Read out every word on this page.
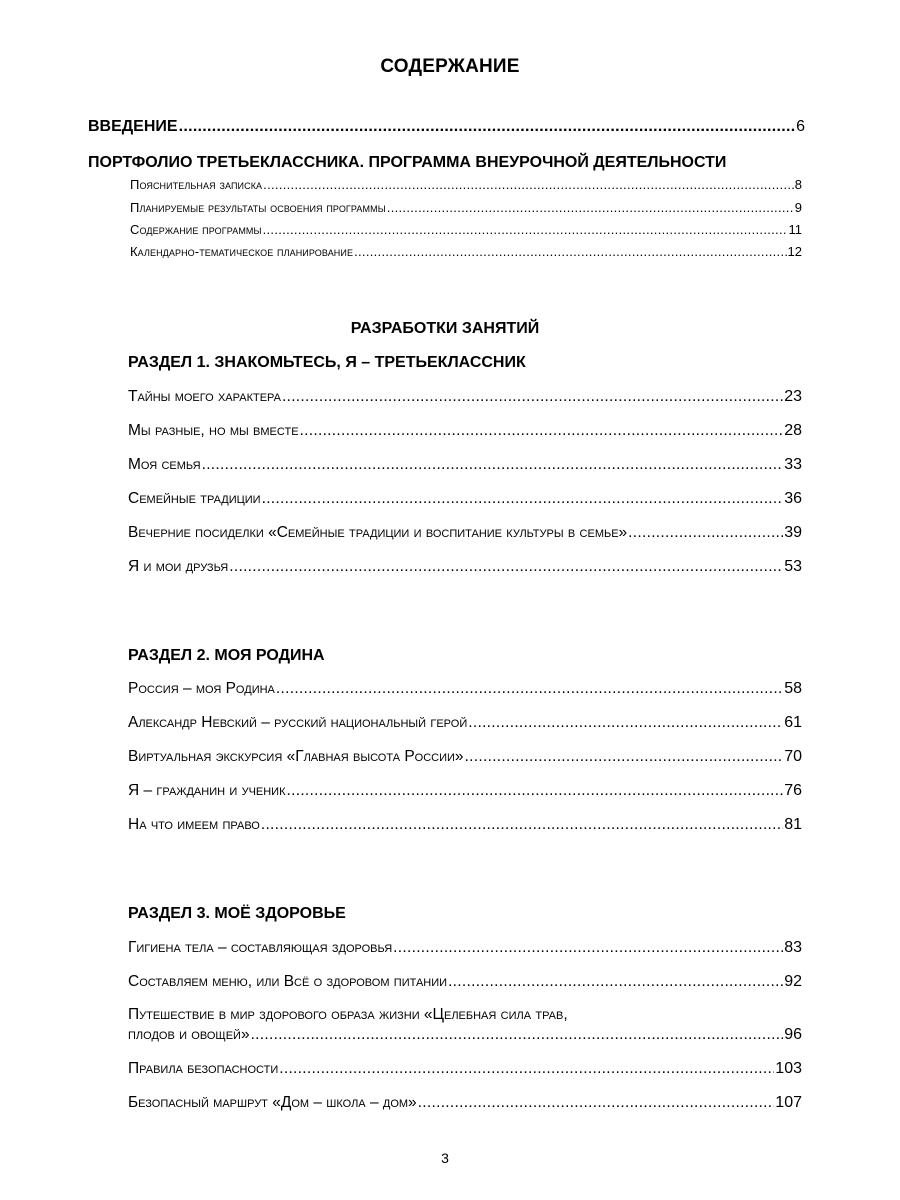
СОДЕРЖАНИЕ
ВВЕДЕНИЕ .....	6
ПОРТФОЛИО ТРЕТЬЕКЛАССНИКА. ПРОГРАММА ВНЕУРОЧНОЙ ДЕЯТЕЛЬНОСТИ
Пояснительная записка .....	8
Планируемые результаты освоения программы .....	9
Содержание программы .....	11
Календарно-тематическое планирование .....	12
РАЗРАБОТКИ ЗАНЯТИЙ
РАЗДЕЛ 1. ЗНАКОМЬТЕСЬ, Я – ТРЕТЬЕКЛАССНИК
Тайны моего характера .....	23
Мы разные, но мы вместе .....	28
Моя семья .....	33
Семейные традиции .....	36
Вечерние посиделки «Семейные традиции и воспитание культуры в семье» .....	39
Я и мои друзья .....	53
РАЗДЕЛ 2. МОЯ РОДИНА
Россия – моя Родина .....	58
Александр Невский – русский национальный герой .....	61
Виртуальная экскурсия «Главная высота России» .....	70
Я – гражданин и ученик .....	76
На что имеем право .....	81
РАЗДЕЛ 3. МОЁ ЗДОРОВЬЕ
Гигиена тела – составляющая здоровья .....	83
Составляем меню, или Всё о здоровом питании .....	92
Путешествие в мир здорового образа жизни «Целебная сила трав,
плодов и овощей» .....	96
Правила безопасности .....	103
Безопасный маршрут «Дом – школа – дом» .....	107
3
